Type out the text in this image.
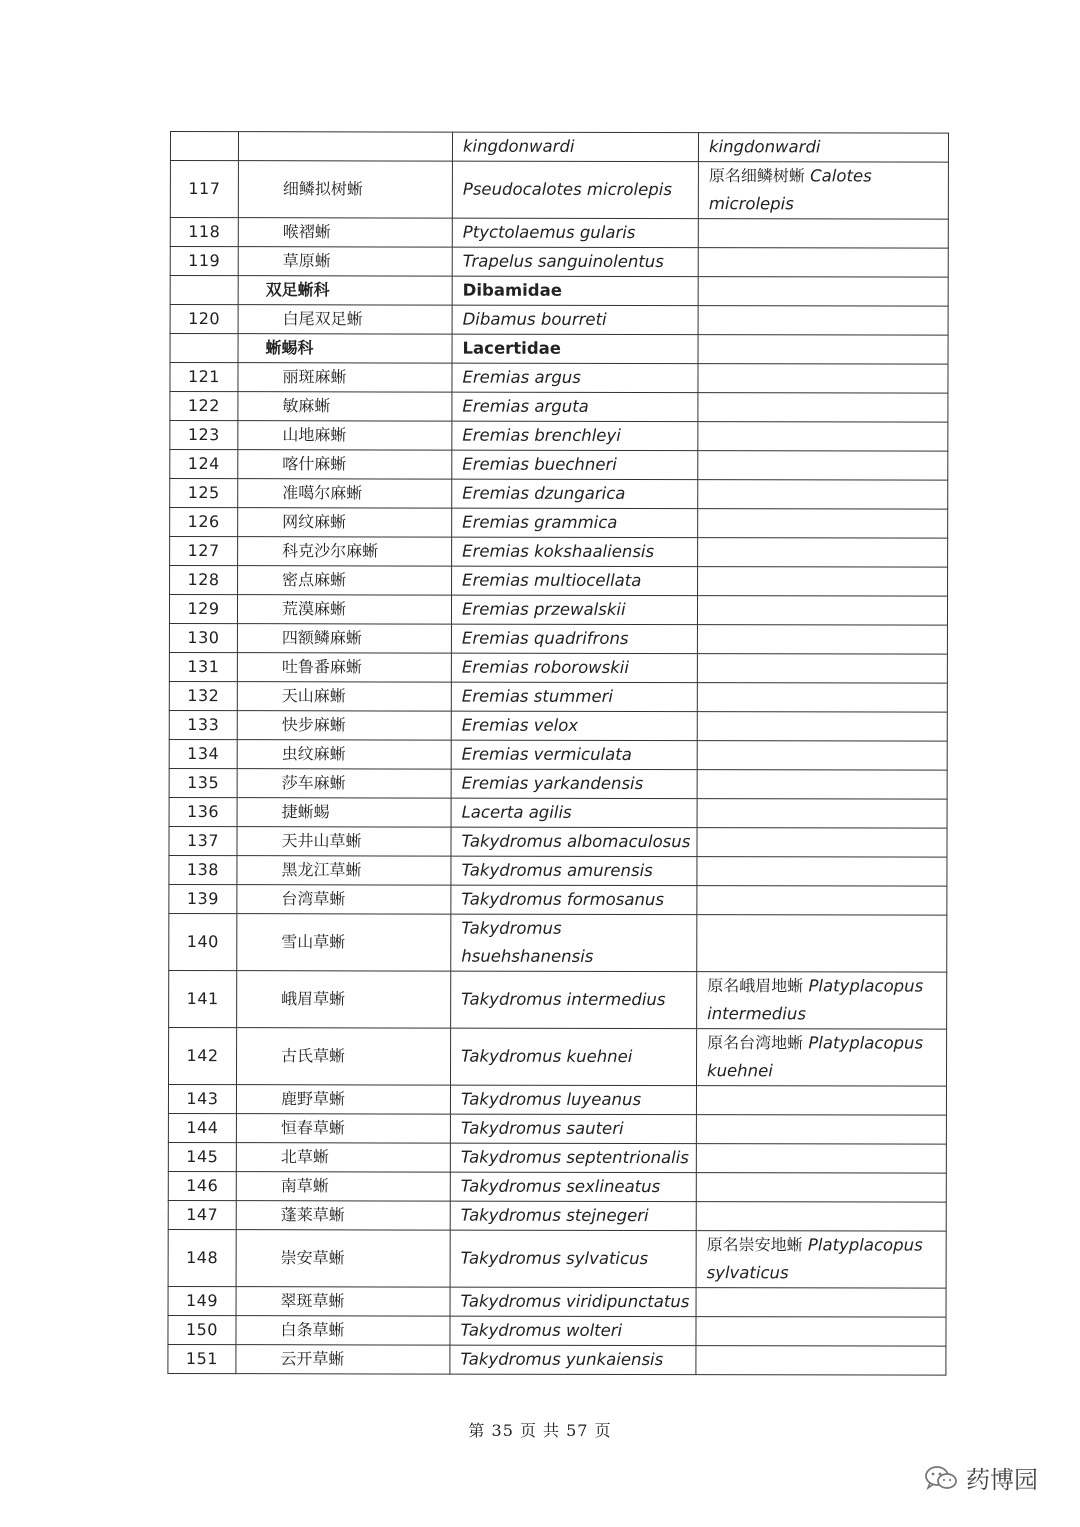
		kingdonwardi	kingdonwardi
117	细鳞拟树蜥	Pseudocalotes microlepis	原名细鳞树蜥 Calotes microlepis
118	喉褶蜥	Ptyctolaemus gularis	
119	草原蜥	Trapelus sanguinolentus	
	双足蜥科	Dibamidae	
120	白尾双足蜥	Dibamus bourreti	
	蜥蜴科	Lacertidae	
121	丽斑麻蜥	Eremias argus	
122	敏麻蜥	Eremias arguta	
123	山地麻蜥	Eremias brenchleyi	
124	喀什麻蜥	Eremias buechneri	
125	准噶尔麻蜥	Eremias dzungarica	
126	网纹麻蜥	Eremias grammica	
127	科克沙尔麻蜥	Eremias kokshaaliensis	
128	密点麻蜥	Eremias multiocellata	
129	荒漠麻蜥	Eremias przewalskii	
130	四额鳞麻蜥	Eremias quadrifrons	
131	吐鲁番麻蜥	Eremias roborowskii	
132	天山麻蜥	Eremias stummeri	
133	快步麻蜥	Eremias velox	
134	虫纹麻蜥	Eremias vermiculata	
135	莎车麻蜥	Eremias yarkandensis	
136	捷蜥蜴	Lacerta agilis	
137	天井山草蜥	Takydromus albomaculosus	
138	黑龙江草蜥	Takydromus amurensis	
139	台湾草蜥	Takydromus formosanus	
140	雪山草蜥	Takydromus hsuehshanensis	
141	峨眉草蜥	Takydromus intermedius	原名峨眉地蜥 Platyplacopus intermedius
142	古氏草蜥	Takydromus kuehnei	原名台湾地蜥 Platyplacopus kuehnei
143	鹿野草蜥	Takydromus luyeanus	
144	恒春草蜥	Takydromus sauteri	
145	北草蜥	Takydromus septentrionalis	
146	南草蜥	Takydromus sexlineatus	
147	蓬莱草蜥	Takydromus stejnegeri	
148	崇安草蜥	Takydromus sylvaticus	原名崇安地蜥 Platyplacopus sylvaticus
149	翠斑草蜥	Takydromus viridipunctatus	
150	白条草蜥	Takydromus wolteri	
151	云开草蜥	Takydromus yunkaiensis	
第 35 页 共 57 页
药博园
